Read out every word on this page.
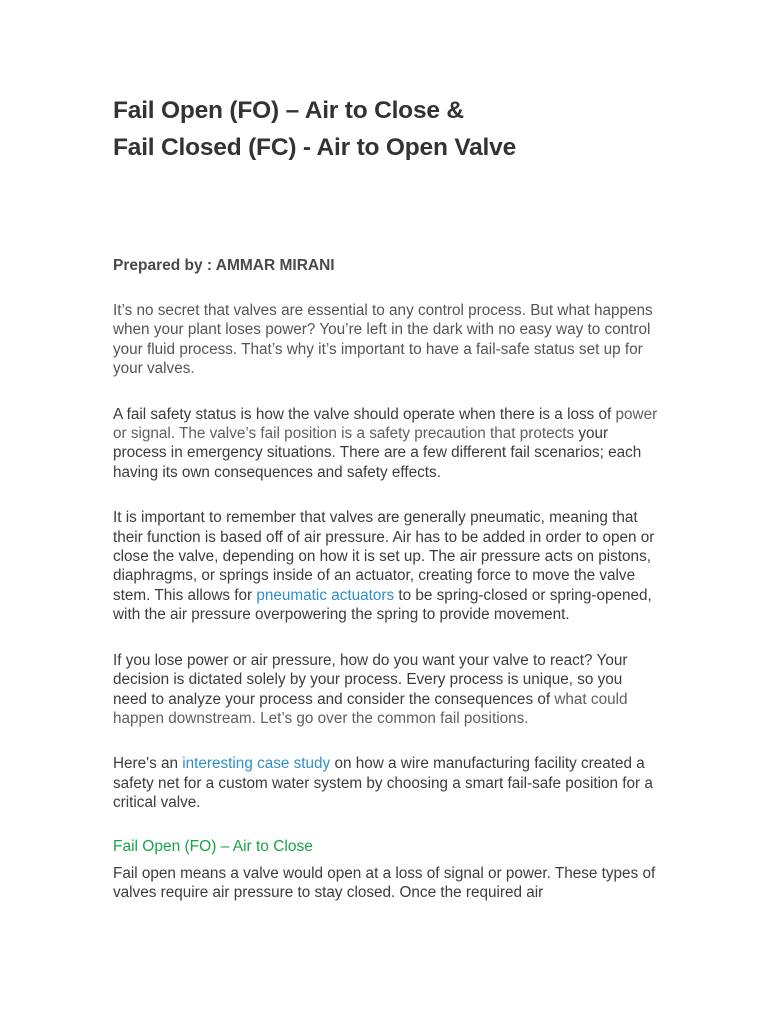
Fail Open (FO) – Air to Close &
Fail Closed (FC) - Air to Open Valve
Prepared by : AMMAR MIRANI

It’s no secret that valves are essential to any control process. But what happens when your plant loses power? You’re left in the dark with no easy way to control your fluid process. That’s why it’s important to have a fail-safe status set up for your valves.

A fail safety status is how the valve should operate when there is a loss of power or signal. The valve’s fail position is a safety precaution that protects your process in emergency situations. There are a few different fail scenarios; each having its own consequences and safety effects.

It is important to remember that valves are generally pneumatic, meaning that their function is based off of air pressure. Air has to be added in order to open or close the valve, depending on how it is set up. The air pressure acts on pistons, diaphragms, or springs inside of an actuator, creating force to move the valve stem. This allows for pneumatic actuators to be spring-closed or spring-opened, with the air pressure overpowering the spring to provide movement.

If you lose power or air pressure, how do you want your valve to react? Your decision is dictated solely by your process. Every process is unique, so you need to analyze your process and consider the consequences of what could happen downstream. Let’s go over the common fail positions.

Here's an interesting case study on how a wire manufacturing facility created a safety net for a custom water system by choosing a smart fail-safe position for a critical valve.

Fail Open (FO) – Air to Close

Fail open means a valve would open at a loss of signal or power. These types of valves require air pressure to stay closed. Once the required air
